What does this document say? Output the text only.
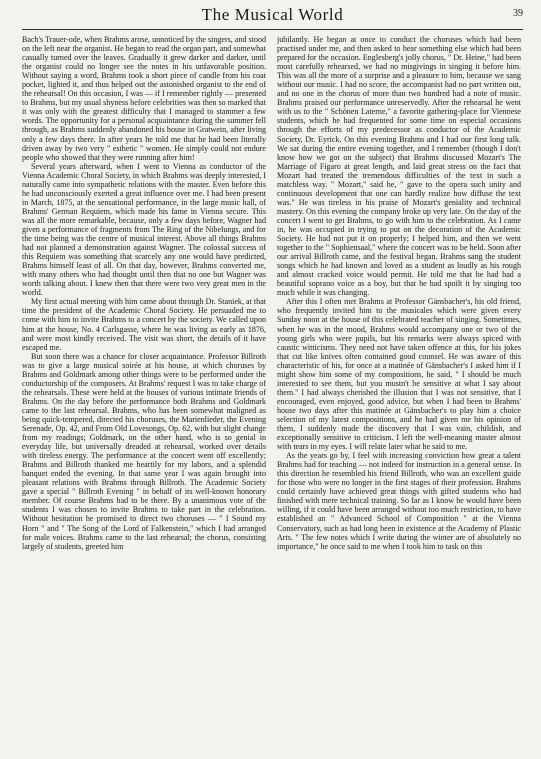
The Musical World	39

Bach's Trauer-ode, when Brahms arose, unnoticed by the singers, and stood on the left near the organist. He began to read the organ part, and somewhat casually turned over the leaves. Gradually it grew darker and darker, until the organist could no longer see the notes in his unfavorable position. Without saying a word, Brahms took a short piece of candle from his coat pocket, lighted it, and thus helped out the astonished organist to the end of the rehearsal! On this occasion, I was — if I remember rightly — presented to Brahms, but my usual shyness before celebrities was then so marked that it was only with the greatest difficulty that I managed to stammer a few words. The opportunity for a personal acquaintance during the summer fell through, as Brahms suddenly abandoned his house in Gratwein, after living only a few days there. In after years he told me that he had been literally driven away by two very " esthetic " women. He simply could not endure people who showed that they were running after him!

Several years afterward, when I went to Vienna as conductor of the Vienna Academic Choral Society, in which Brahms was deeply interested, I naturally came into sympathetic relations with the master. Even before this he had unconsciously exerted a great influence over me. I had been present in March, 1875, at the sensational performance, in the large music hall, of Brahms' German Requiem, which made his fame in Vienna secure. This was all the more remarkable, because, only a few days before, Wagner had given a performance of fragments from The Ring of the Nibelungs, and for the time being was the centre of musical interest. Above all things Brahms had not planned a demonstration against Wagner. The colossal success of this Requiem was something that scarcely any one would have predicted, Brahms himself least of all. On that day, however, Brahms converted me, with many others who had thought until then that no one but Wagner was worth talking about. I knew then that there were two very great men in the world.

My first actual meeting with him came about through Dr. Staniek, at that time the president of the Academic Choral Society. He persuaded me to come with him to invite Brahms to a concert by the society. We called upon him at the house, No. 4 Carlsgasse, where he was living as early as 1876, and were most kindly received. The visit was short, the details of it have escaped me.

But soon there was a chance for closer acquaintance. Professor Billroth was to give a large musical soirée at his house, at which choruses by Brahms and Goldmark among other things were to be performed under the conductorship of the composers. At Brahms' request I was to take charge of the rehearsals. These were held at the houses of various intimate friends of Brahms. On the day before the performance both Brahms and Goldmark came to the last rehearsal. Brahms, who has been somewhat maligned as being quick-tempered, directed his choruses, the Marienlieder, the Evening Serenade, Op. 42, and From Old Lovesongs, Op. 62, with but slight change from my readings; Goldmark, on the other hand, who is so genial in everyday life, but universally dreaded at rehearsal, worked over details with tireless energy. The performance at the concert went off excellently; Brahms and Billroth thanked me heartily for my labors, and a splendid banquet ended the evening. In that same year I was again brought into pleasant relations with Brahms through Billroth. The Academic Society gave a special " Billroth Evening " in behalf of its well-known honorary member. Of course Brahms had to be there. By a unanimous vote of the students I was chosen to invite Brahms to take part in the celebration. Without hesitation he promised to direct two choruses — " I Sound my Horn " and " The Song of the Lord of Falkenstein," which I had arranged for male voices. Brahms came to the last rehearsal; the chorus, consisting largely of students, greeted him

jubilantly. He began at once to conduct the choruses which had been practised under me, and then asked to hear something else which had been prepared for the occasion. Englesberg's jolly chorus, " Dr. Heine," had been most carefully rehearsed, we had no misgivings in singing it before him. This was all the more of a surprise and a pleasure to him, because we sang without our music. I had no score, the accompanist had no part written out, and no one in the chorus of more than two hundred had a note of music. Brahms praised our performance unreservedly. After the rehearsal he went with us to the " Schönen Laterne," a favorite gathering-place for Viennese students, which he had frequented for some time on especial occasions through the efforts of my predecessor as conductor of the Academic Society, Dr. Eyrick. On this evening Brahms and I had our first long talk. We sat during the entire evening together, and I remember (though I don't know how we got on the subject) that Brahms discussed Mozart's The Marriage of Figaro at great length, and laid great stress on the fact that Mozart had treated the tremendous difficulties of the text in such a matchless way. " Mozart," said he, " gave to the opera such unity and continuous development that one can hardly realize how diffuse the text was." He was tireless in his praise of Mozart's geniality and technical mastery. On this evening the company broke up very late. On the day of the concert I went to get Brahms, to go with him to the celebration. As I came in, he was occupied in trying to put on the decoration of the Academic Society. He had not put it on properly; I helped him, and then we went together to the " Sophiensaal," where the concert was to be held. Soon after our arrival Billroth came, and the festival began. Brahms sang the student songs which he had known and loved as a student as loudly as his rough and almost cracked voice would permit. He told me that he had had a beautiful soprano voice as a boy, but that he had spoilt it by singing too much while it was changing.

After this I often met Brahms at Professor Gänsbacher's, his old friend, who frequently invited him to the musicales which were given every Sunday noon at the house of this celebrated teacher of singing. Sometimes, when he was in the mood, Brahms would accompany one or two of the young girls who were pupils, but his remarks were always spiced with caustic witticisms. They need not have taken offence at this, for his jokes that cut like knives often contained good counsel. He was aware of this characteristic of his, for once at a matinée of Gänsbacher's I asked him if I might show him some of my compositions, he said, " I should be much interested to see them, but you mustn't be sensitive at what I say about them." I had always cherished the illusion that I was not sensitive, that I encouraged, even enjoyed, good advice, but when I had been to Brahms' house two days after this matinée at Gänsbacher's to play him a choice selection of my latest compositions, and he had given me his opinion of them, I suddenly made the discovery that I was vain, childish, and exceptionally sensitive to criticism. I left the well-meaning master almost with tears in my eyes. I will relate later what he said to me.

As the years go by, I feel with increasing conviction how great a talent Brahms had for teaching — not indeed for instruction in a general sense. In this direction he resembled his friend Billroth, who was an excellent guide for those who were no longer in the first stages of their profession. Brahms could certainly have achieved great things with gifted students who had finished with mere technical training. So far as I know he would have been willing, if it could have been arranged without too much restriction, to have established an " Advanced School of Composition " at the Vienna Conservatory, such as had long been in existence at the Academy of Plastic Arts. " The few notes which I write during the winter are of absolutely no importance," he once said to me when I took him to task on this
